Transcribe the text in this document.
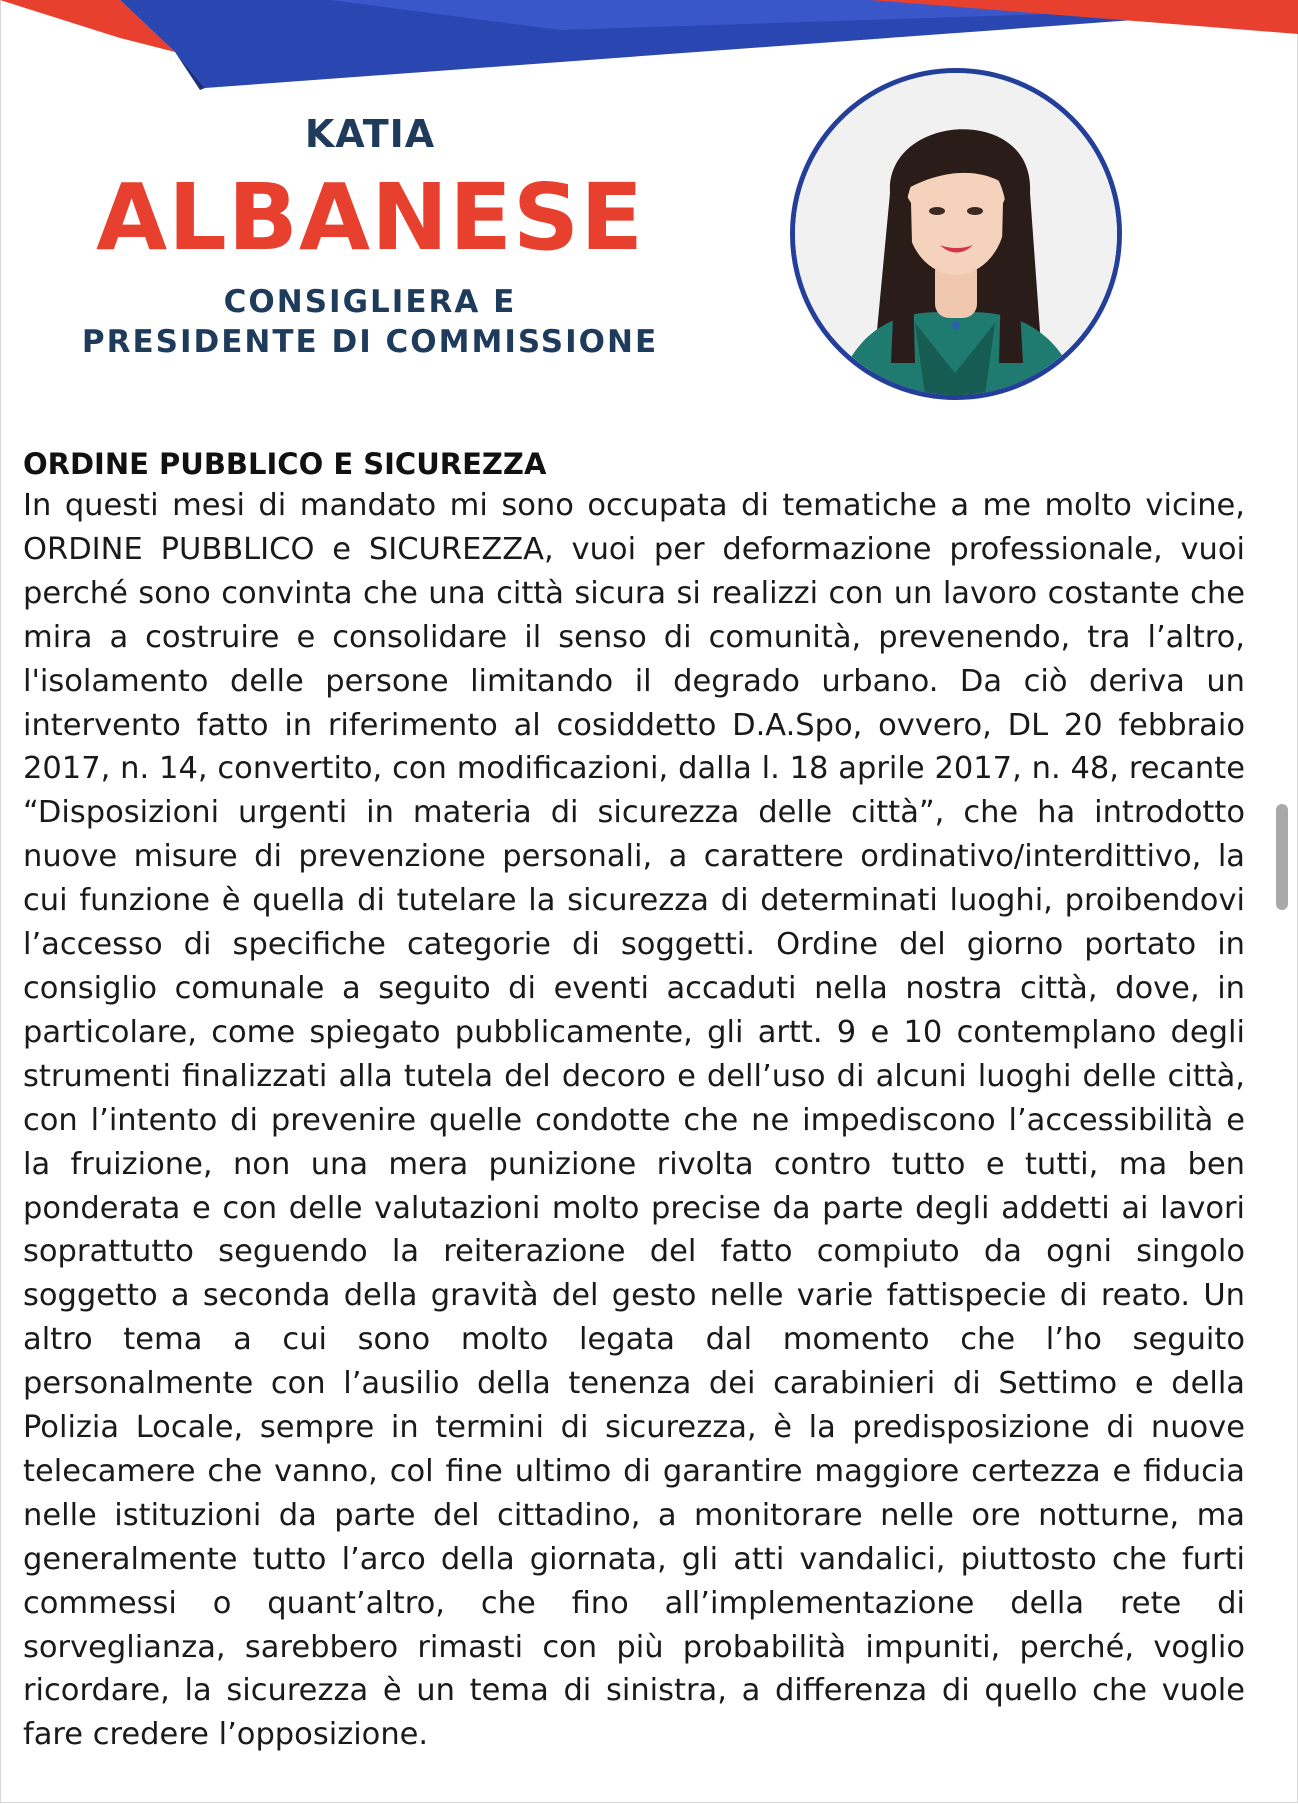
KATIA
ALBANESE
CONSIGLIERA E
PRESIDENTE DI COMMISSIONE
ORDINE PUBBLICO E SICUREZZA

In questi mesi di mandato mi sono occupata di tematiche a me molto vicine, ORDINE PUBBLICO e SICUREZZA, vuoi per deformazione professionale, vuoi perché sono convinta che una città sicura si realizzi con un lavoro costante che mira a costruire e consolidare il senso di comunità, prevenendo, tra l’altro, l'isolamento delle persone limitando il degrado urbano. Da ciò deriva un intervento fatto in riferimento al cosiddetto D.A.Spo, ovvero, DL 20 febbraio 2017, n. 14, convertito, con modificazioni, dalla l. 18 aprile 2017, n. 48, recante “Disposizioni urgenti in materia di sicurezza delle città”, che ha introdotto nuove misure di prevenzione personali, a carattere ordinativo/interdittivo, la cui funzione è quella di tutelare la sicurezza di determinati luoghi, proibendovi l’accesso di specifiche categorie di soggetti. Ordine del giorno portato in consiglio comunale a seguito di eventi accaduti nella nostra città, dove, in particolare, come spiegato pubblicamente, gli artt. 9 e 10 contemplano degli strumenti finalizzati alla tutela del decoro e dell’uso di alcuni luoghi delle città, con l’intento di prevenire quelle condotte che ne impediscono l’accessibilità e la fruizione, non una mera punizione rivolta contro tutto e tutti, ma ben ponderata e con delle valutazioni molto precise da parte degli addetti ai lavori soprattutto seguendo la reiterazione del fatto compiuto da ogni singolo soggetto a seconda della gravità del gesto nelle varie fattispecie di reato. Un altro tema a cui sono molto legata dal momento che l’ho seguito personalmente con l’ausilio della tenenza dei carabinieri di Settimo e della Polizia Locale, sempre in termini di sicurezza, è la predisposizione di nuove telecamere che vanno, col fine ultimo di garantire maggiore certezza e fiducia nelle istituzioni da parte del cittadino, a monitorare nelle ore notturne, ma generalmente tutto l’arco della giornata, gli atti vandalici, piuttosto che furti commessi o quant’altro, che fino all’implementazione della rete di sorveglianza, sarebbero rimasti con più probabilità impuniti, perché, voglio ricordare, la sicurezza è un tema di sinistra, a differenza di quello che vuole fare credere l’opposizione.
